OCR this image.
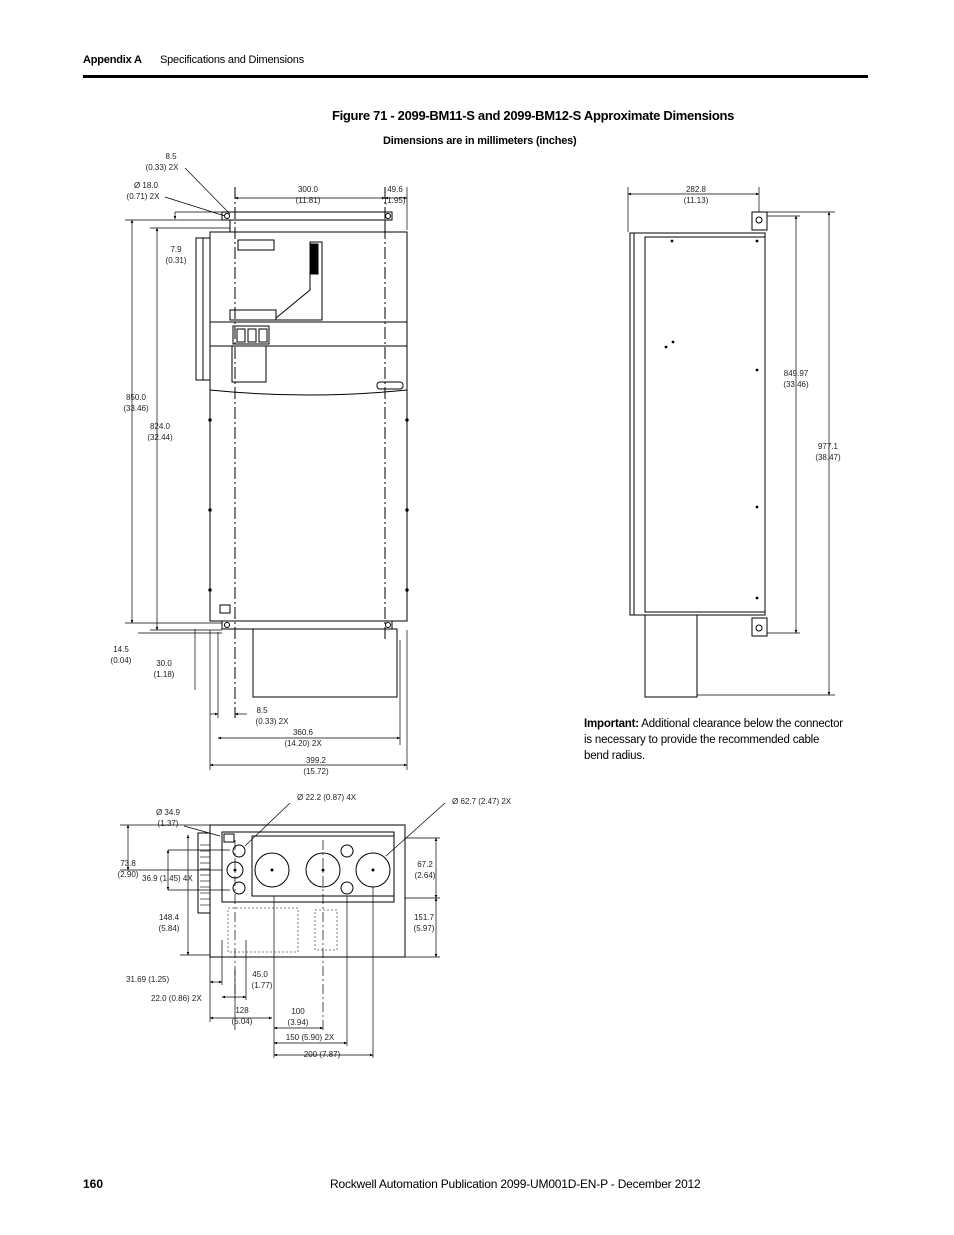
Appendix A Specifications and Dimensions
Figure 71 - 2099-BM11-S and 2099-BM12-S Approximate Dimensions
Dimensions are in millimeters (inches)
8.5
(0.33) 2X
Ø 18.0
(0.71) 2X
300.0
(11.81)
49.6
(1.95)
7.9
(0.31)
850.0
(33.46)
824.0
(32.44)
14.5
(0.04)	30.0
(1.18)
8.5
(0.33) 2X
360.6
(14.20) 2X
399.2
(15.72)
282.8
(11.13)
849.97
(33.46)
977.1
(38.47)
Ø 34.9
(1.37)
Ø 22.2 (0.87) 4X	Ø 62.7 (2.47) 2X
73.8
(2.90) 36.9 (1.45) 4X
67.2
(2.64)
148.4
(5.84)
151.7
(5.97)
31.69 (1.25)
45.0
(1.77)
22.0 (0.86) 2X
128
(5.04)
100
(3.94)
150 (5.90) 2X
200 (7.87)
Important: Additional clearance below the connector is necessary to provide the recommended cable bend radius.
160	Rockwell Automation Publication 2099-UM001D-EN-P - December 2012
